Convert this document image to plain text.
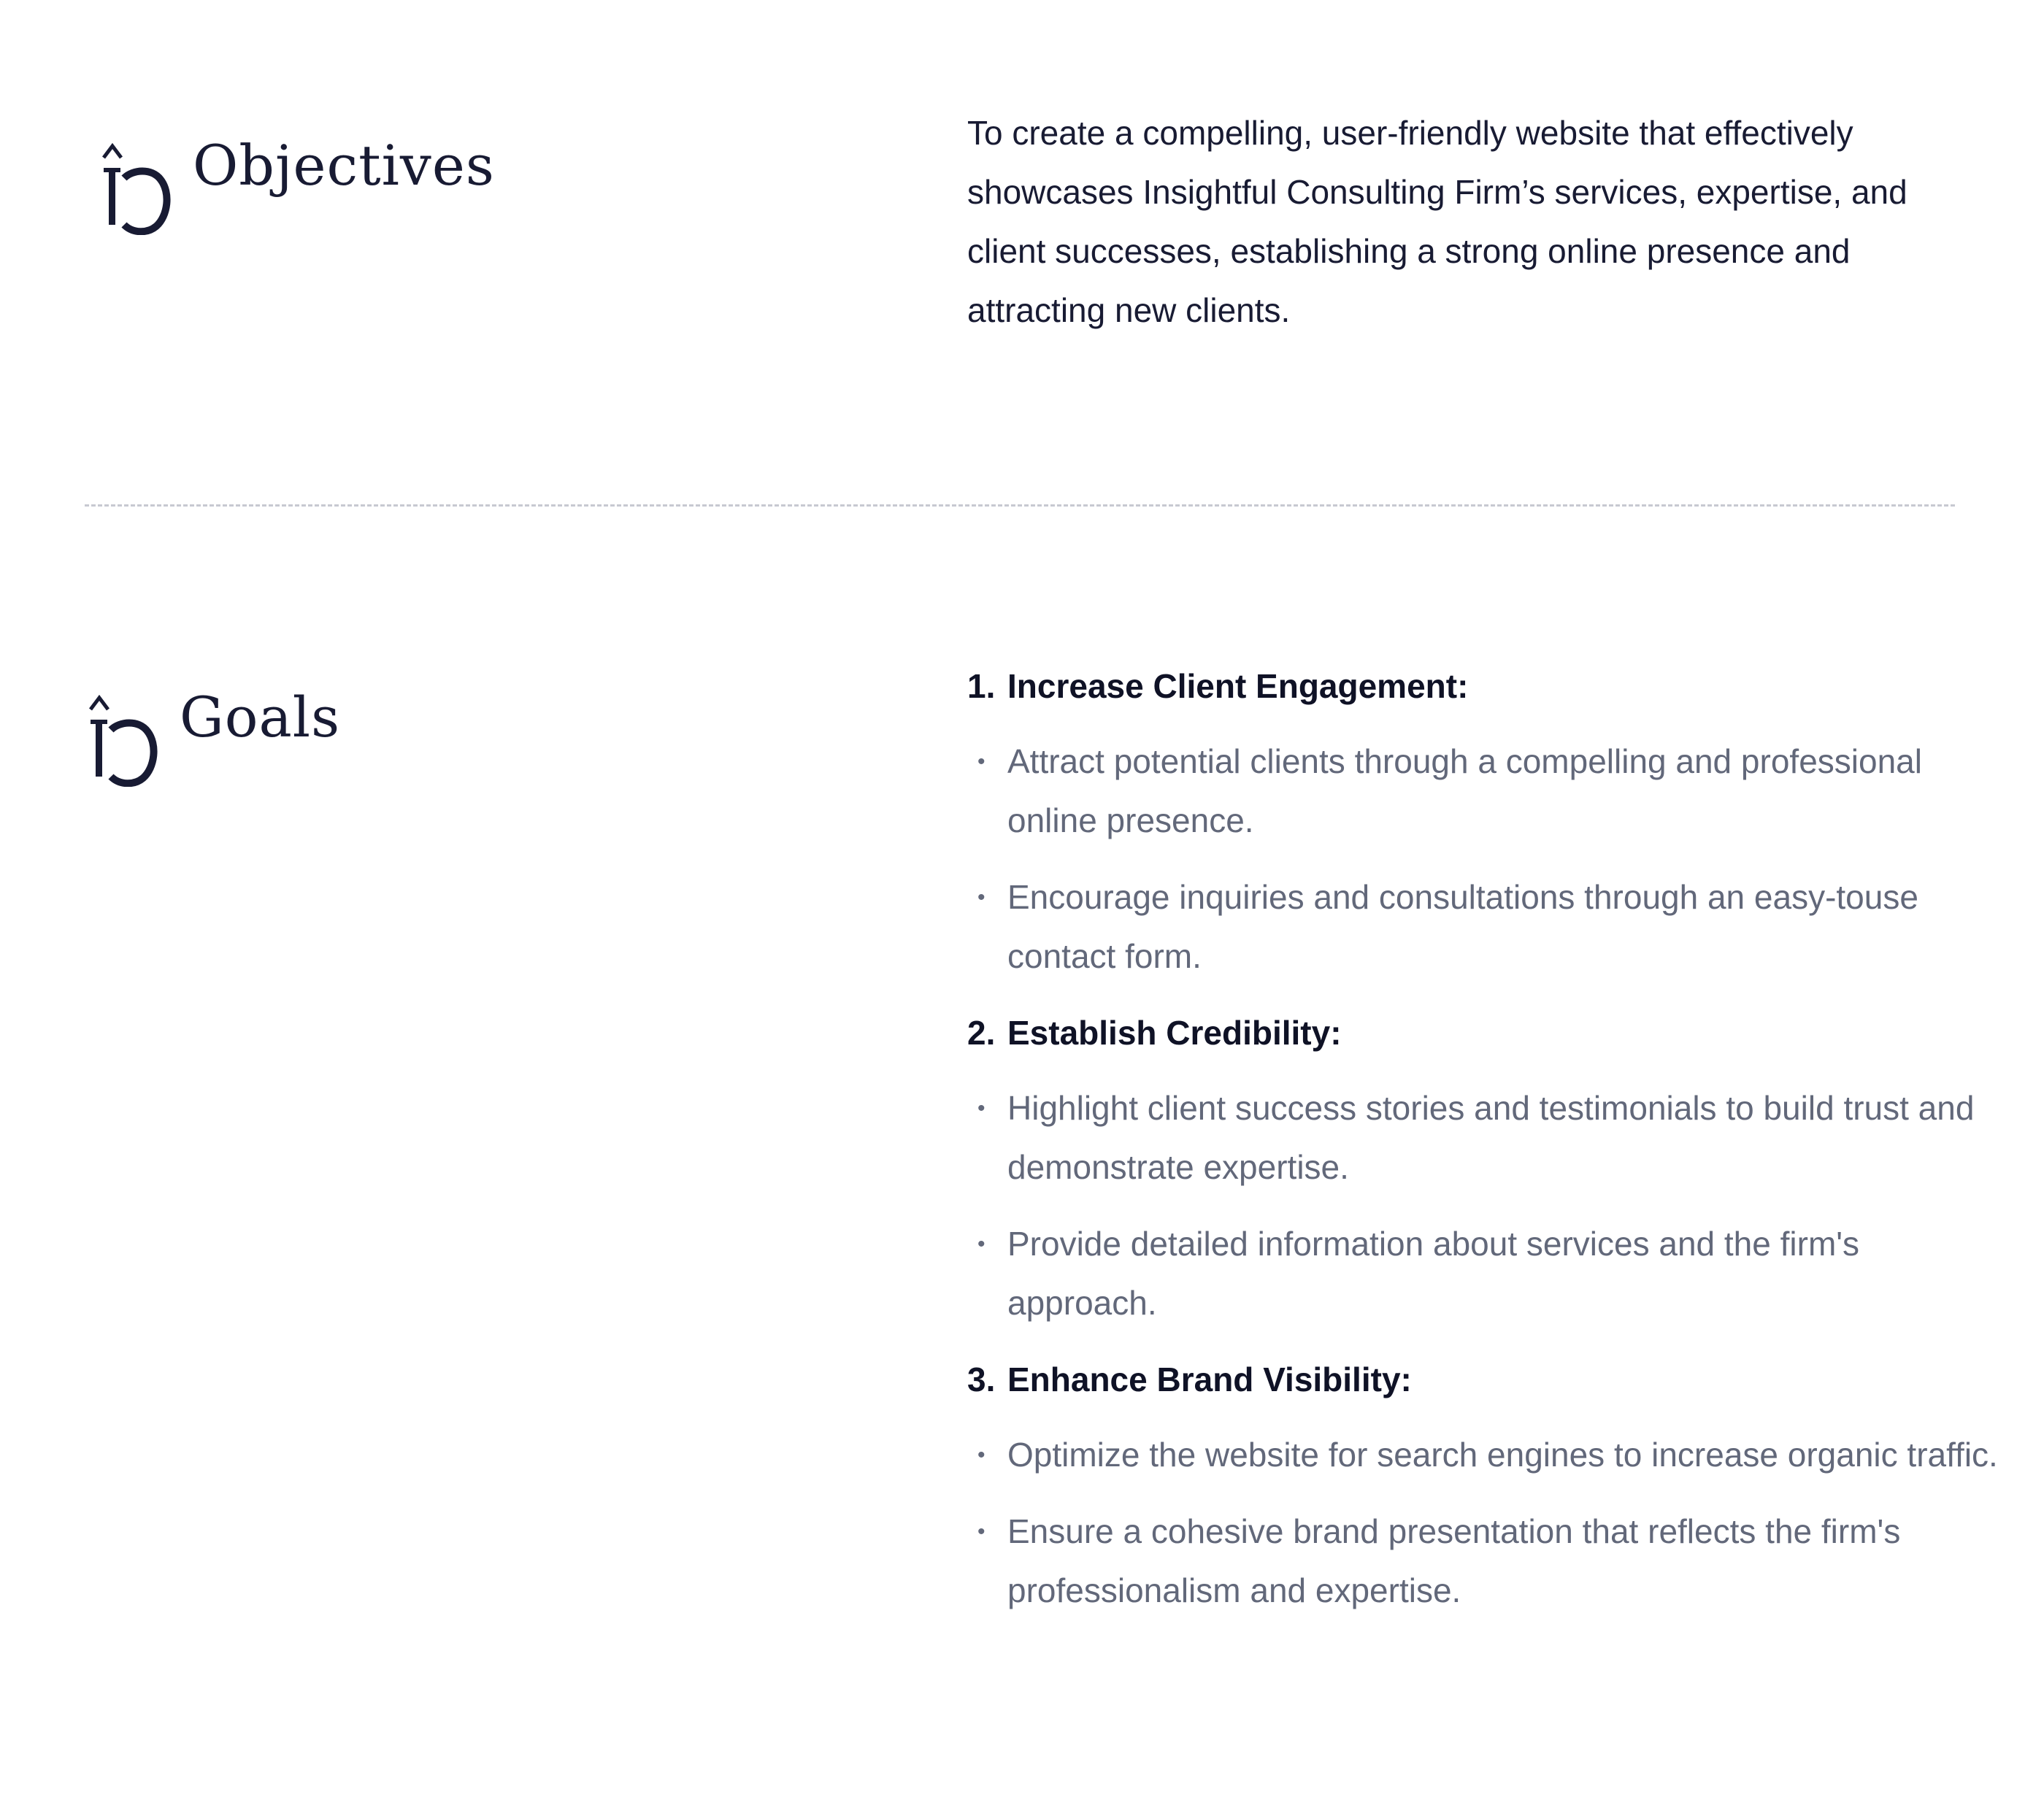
Objectives	To create a compelling, user-friendly website that effectively showcases Insightful Consulting Firm’s services, expertise, and client successes, establishing a strong online presence and attracting new clients.

Goals	1. Increase Client Engagement:
• Attract potential clients through a compelling and professional online presence.
• Encourage inquiries and consultations through an easy-touse contact form.
2. Establish Credibility:
• Highlight client success stories and testimonials to build trust and demonstrate expertise.
• Provide detailed information about services and the firm's approach.
3. Enhance Brand Visibility:
• Optimize the website for search engines to increase organic traffic.
• Ensure a cohesive brand presentation that reflects the firm's professionalism and expertise.
